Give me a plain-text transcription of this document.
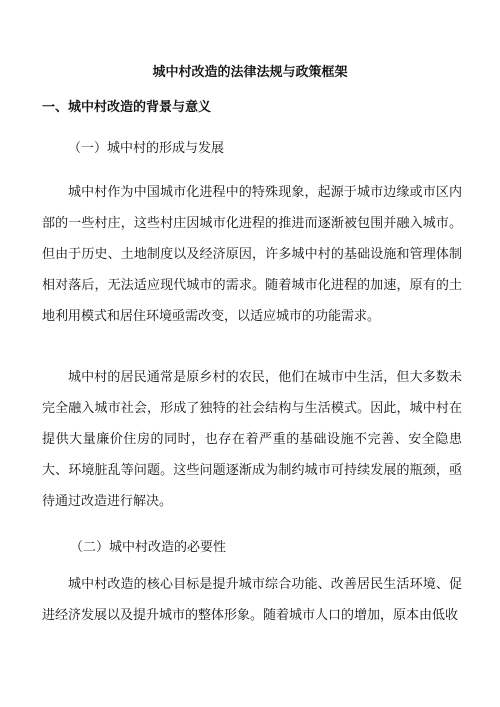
城中村改造的法律法规与政策框架
一、城中村改造的背景与意义
（一）城中村的形成与发展

城中村作为中国城市化进程中的特殊现象，起源于城市边缘或市区内部的一些村庄，这些村庄因城市化进程的推进而逐渐被包围并融入城市。但由于历史、土地制度以及经济原因，许多城中村的基础设施和管理体制相对落后，无法适应现代城市的需求。随着城市化进程的加速，原有的土地利用模式和居住环境亟需改变，以适应城市的功能需求。

城中村的居民通常是原乡村的农民，他们在城市中生活，但大多数未完全融入城市社会，形成了独特的社会结构与生活模式。因此，城中村在提供大量廉价住房的同时，也存在着严重的基础设施不完善、安全隐患大、环境脏乱等问题。这些问题逐渐成为制约城市可持续发展的瓶颈，亟待通过改造进行解决。

（二）城中村改造的必要性

城中村改造的核心目标是提升城市综合功能、改善居民生活环境、促进经济发展以及提升城市的整体形象。随着城市人口的增加，原本由低收
